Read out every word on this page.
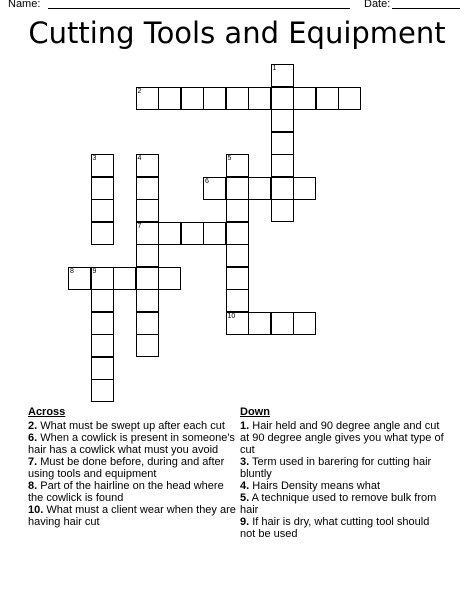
Name:	Date:
Cutting Tools and Equipment
1
2
3	4	5
6
7
8	9
10
Across
2. What must be swept up after each cut
6. When a cowlick is present in someone's hair has a cowlick what must you avoid
7. Must be done before, during and after using tools and equipment
8. Part of the hairline on the head where the cowlick is found
10. What must a client wear when they are having hair cut
Down
1. Hair held and 90 degree angle and cut at 90 degree angle gives you what type of cut
3. Term used in barering for cutting hair bluntly
4. Hairs Density means what
5. A technique used to remove bulk from hair
9. If hair is dry, what cutting tool should not be used
